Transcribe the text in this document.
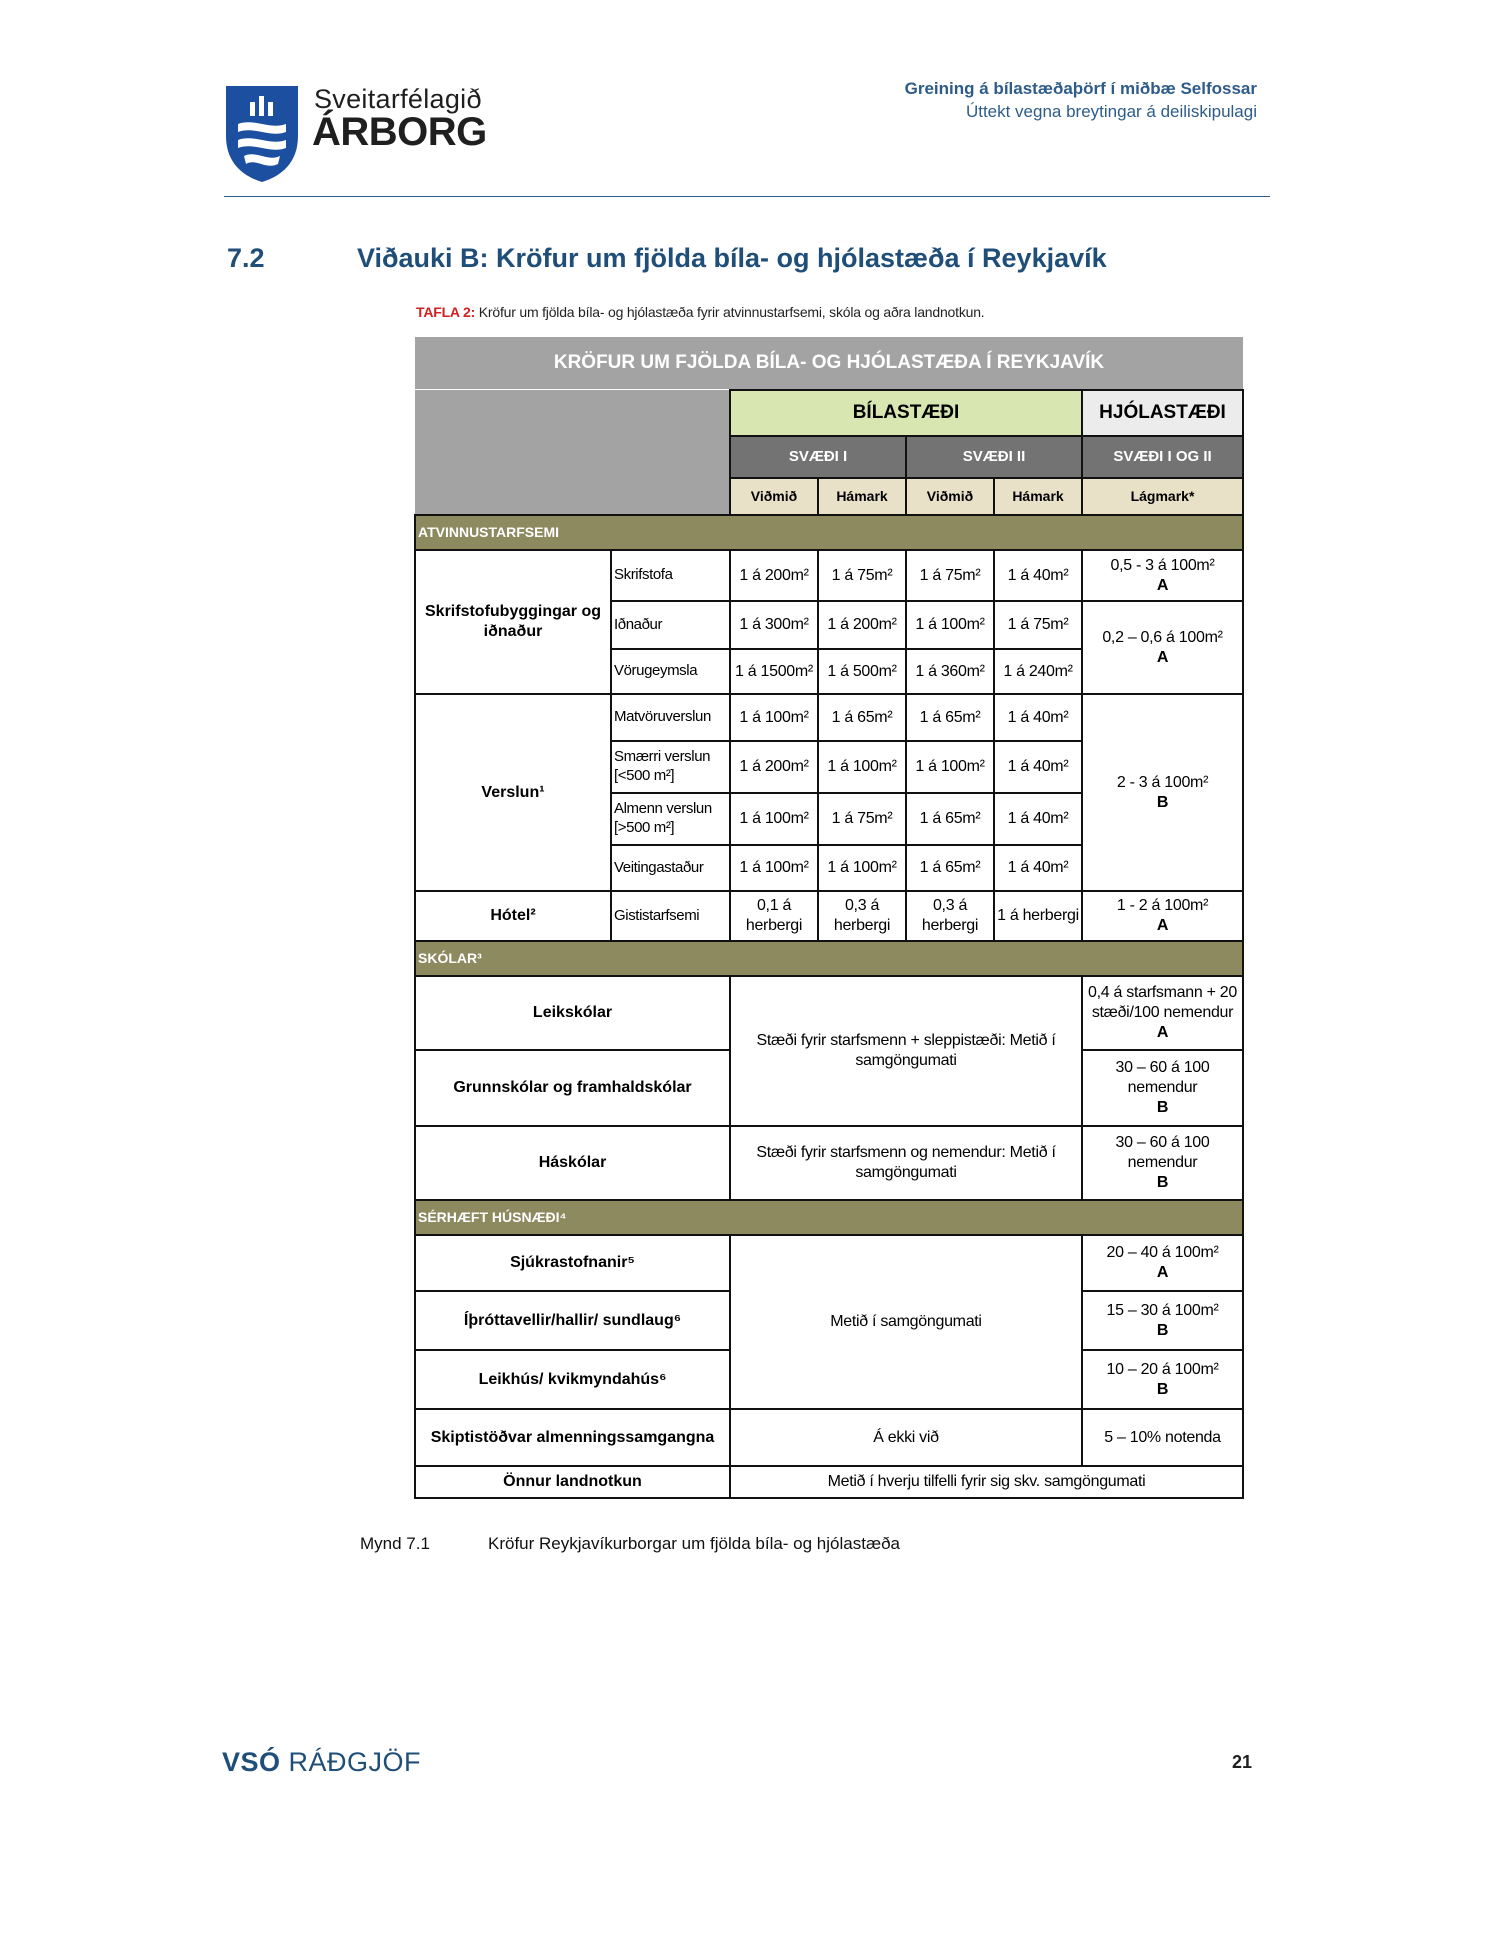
Sveitarfélagið
ÁRBORG
Greining á bílastæðaþörf í miðbæ Selfossar
Úttekt vegna breytingar á deiliskipulagi
7.2	Viðauki B: Kröfur um fjölda bíla- og hjólastæða í Reykjavík
TAFLA 2: Kröfur um fjölda bíla- og hjólastæða fyrir atvinnustarfsemi, skóla og aðra landnotkun.
KRÖFUR UM FJÖLDA BÍLA- OG HJÓLASTÆÐA Í REYKJAVÍK						
		BÍLASTÆÐI				HJÓLASTÆÐI
		SVÆÐI I		SVÆÐI II		SVÆÐI I OG II
		Viðmið	Hámark	Viðmið	Hámark	Lágmark*
ATVINNUSTARFSEMI						
Skrifstofubyggingar og iðnaður	Skrifstofa	1 á 200m²	1 á 75m²	1 á 75m²	1 á 40m²	0,5 - 3 á 100m²
A

	Iðnaður	1 á 300m²	1 á 200m²	1 á 100m²	1 á 75m²	0,2 – 0,6 á 100m²
A

	Vörugeymsla	1 á 1500m²	1 á 500m²	1 á 360m²	1 á 240m²	
Verslun¹	Matvöruverslun	1 á 100m²	1 á 65m²	1 á 65m²	1 á 40m²	2 - 3 á 100m²
B

	Smærri verslun [<500 m²]	1 á 200m²	1 á 100m²	1 á 100m²	1 á 40m²	
	Almenn verslun [>500 m²]	1 á 100m²	1 á 75m²	1 á 65m²	1 á 40m²	
	Veitingastaður	1 á 100m²	1 á 100m²	1 á 65m²	1 á 40m²	
Hótel²	Gististarfsemi	0,1 á herbergi	0,3 á herbergi	0,3 á herbergi	1 á herbergi	1 - 2 á 100m²
A

SKÓLAR³						
Leikskólar		Stæði fyrir starfsmenn + sleppistæði: Metið í samgöngumati				0,4 á starfsmann + 20 stæði/100 nemendur
A

Grunnskólar og framhaldskólar						30 – 60 á 100 nemendur
B

Háskólar		Stæði fyrir starfsmenn og nemendur: Metið í samgöngumati				30 – 60 á 100 nemendur
B

SÉRHÆFT HÚSNÆÐI⁴						
Sjúkrastofnanir⁵		Metið í samgöngumati				20 – 40 á 100m²
A

Íþróttavellir/hallir/ sundlaug⁶						15 – 30 á 100m²
B

Leikhús/ kvikmyndahús⁶						10 – 20 á 100m²
B

Skiptistöðvar almenningssamgangna		Á ekki við				5 – 10% notenda
Önnur landnotkun		Metið í hverju tilfelli fyrir sig skv. samgöngumati				
Mynd 7.1	Kröfur Reykjavíkurborgar um fjölda bíla- og hjólastæða
VSÓ RÁÐGJÖF	21
